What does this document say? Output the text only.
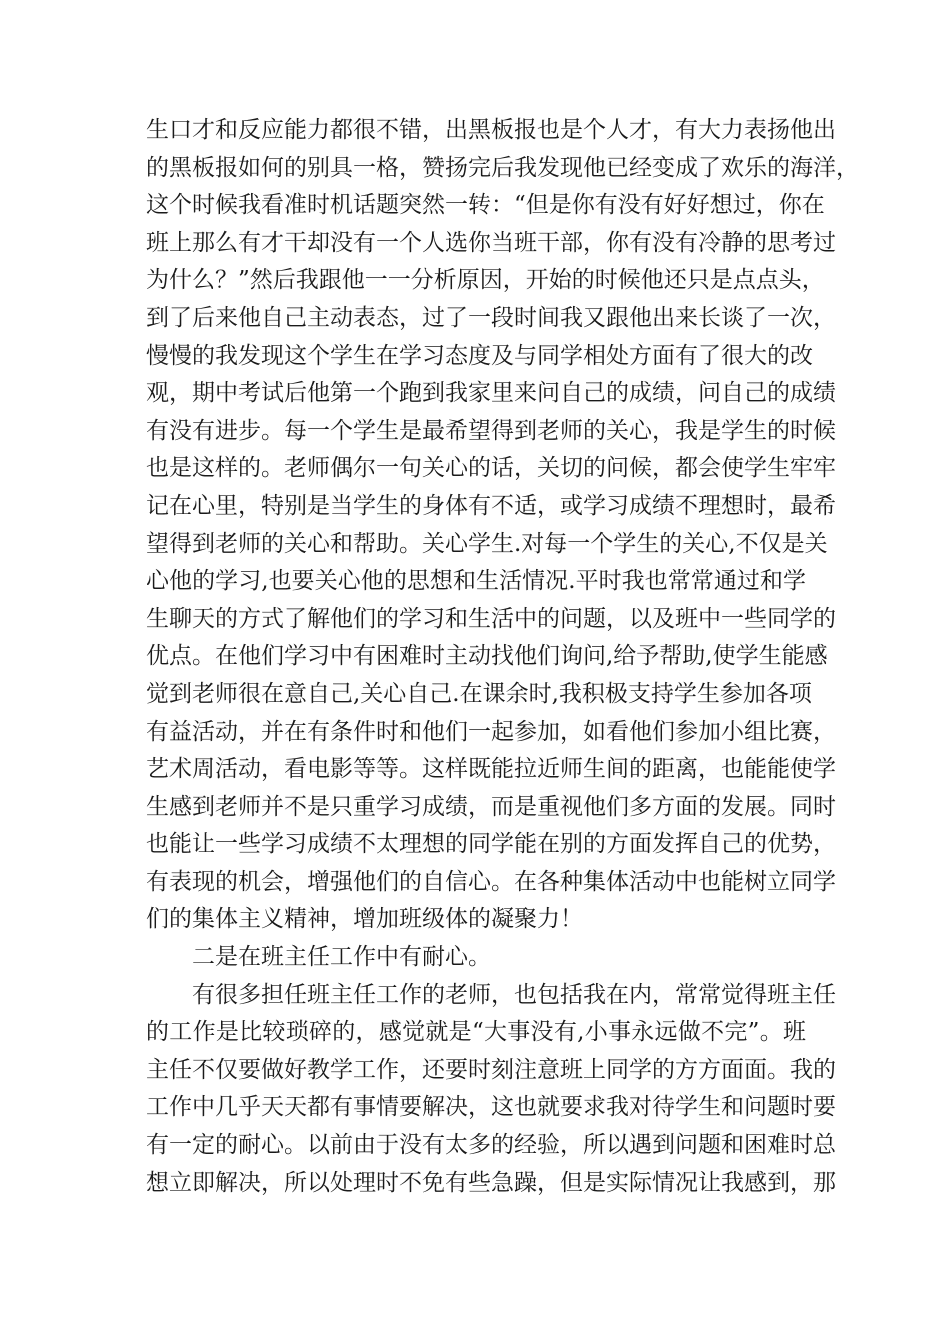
生口才和反应能力都很不错，出黑板报也是个人才，有大力表扬他出
的黑板报如何的别具一格，赞扬完后我发现他已经变成了欢乐的海洋，
这个时候我看准时机话题突然一转：“但是你有没有好好想过，你在
班上那么有才干却没有一个人选你当班干部，你有没有冷静的思考过
为什么？”然后我跟他一一分析原因，开始的时候他还只是点点头，
到了后来他自己主动表态，过了一段时间我又跟他出来长谈了一次，
慢慢的我发现这个学生在学习态度及与同学相处方面有了很大的改
观，期中考试后他第一个跑到我家里来问自己的成绩，问自己的成绩
有没有进步。每一个学生是最希望得到老师的关心，我是学生的时候
也是这样的。老师偶尔一句关心的话，关切的问候，都会使学生牢牢
记在心里，特别是当学生的身体有不适，或学习成绩不理想时，最希
望得到老师的关心和帮助。关心学生.对每一个学生的关心,不仅是关
心他的学习,也要关心他的思想和生活情况.平时我也常常通过和学
生聊天的方式了解他们的学习和生活中的问题，以及班中一些同学的
优点。在他们学习中有困难时主动找他们询问,给予帮助,使学生能感
觉到老师很在意自己,关心自己.在课余时,我积极支持学生参加各项
有益活动，并在有条件时和他们一起参加，如看他们参加小组比赛，
艺术周活动，看电影等等。这样既能拉近师生间的距离，也能能使学
生感到老师并不是只重学习成绩，而是重视他们多方面的发展。同时
也能让一些学习成绩不太理想的同学能在别的方面发挥自己的优势，
有表现的机会，增强他们的自信心。在各种集体活动中也能树立同学
们的集体主义精神，增加班级体的凝聚力！
二是在班主任工作中有耐心。
有很多担任班主任工作的老师，也包括我在内，常常觉得班主任
的工作是比较琐碎的，感觉就是“大事没有,小事永远做不完”。班
主任不仅要做好教学工作，还要时刻注意班上同学的方方面面。我的
工作中几乎天天都有事情要解决，这也就要求我对待学生和问题时要
有一定的耐心。以前由于没有太多的经验，所以遇到问题和困难时总
想立即解决，所以处理时不免有些急躁，但是实际情况让我感到，那
